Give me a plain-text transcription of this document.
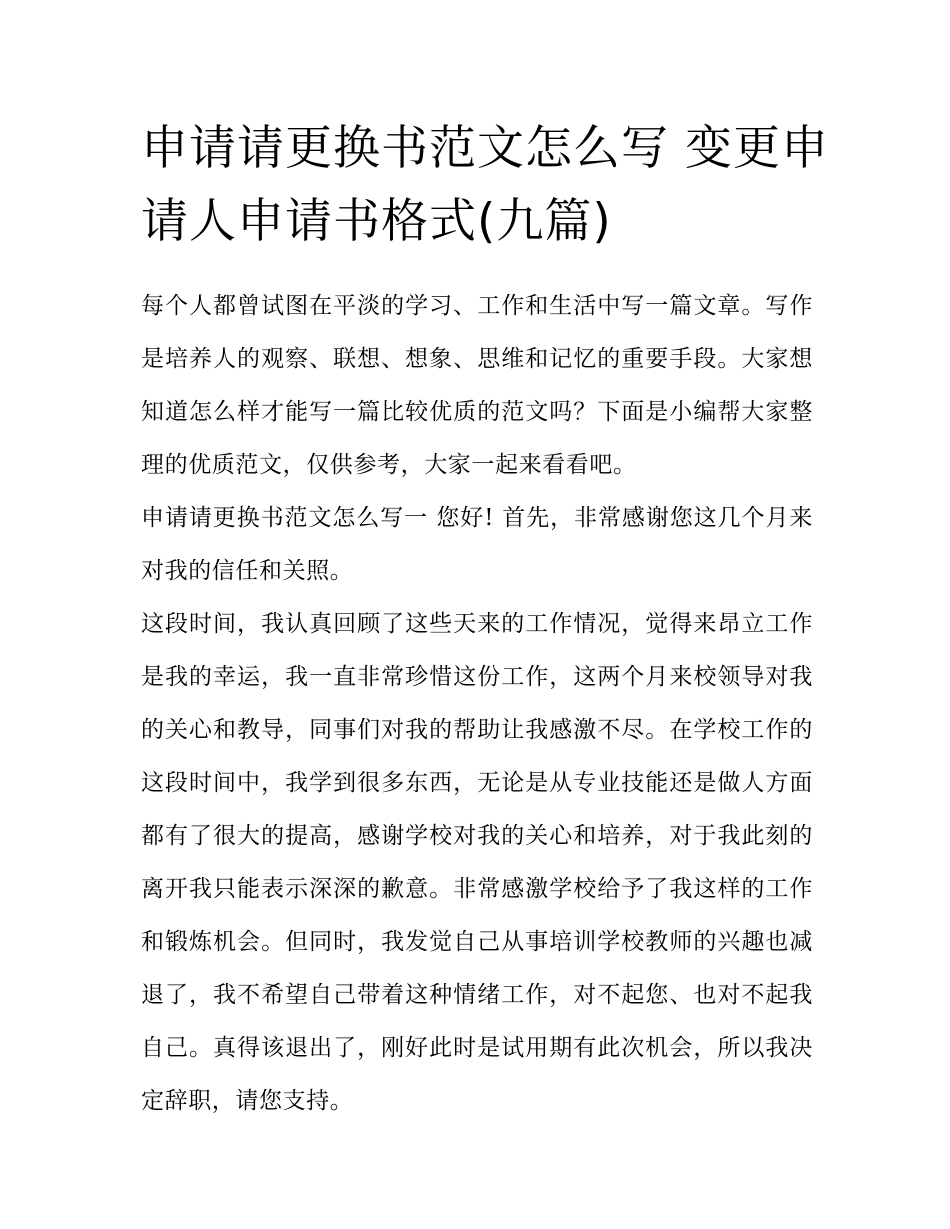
申请请更换书范文怎么写 变更申请人申请书格式(九篇)

每个人都曾试图在平淡的学习、工作和生活中写一篇文章。写作是培养人的观察、联想、想象、思维和记忆的重要手段。大家想知道怎么样才能写一篇比较优质的范文吗？下面是小编帮大家整理的优质范文，仅供参考，大家一起来看看吧。

申请请更换书范文怎么写一 您好! 首先，非常感谢您这几个月来对我的信任和关照。

这段时间，我认真回顾了这些天来的工作情况，觉得来昂立工作是我的幸运，我一直非常珍惜这份工作，这两个月来校领导对我的关心和教导，同事们对我的帮助让我感激不尽。在学校工作的这段时间中，我学到很多东西，无论是从专业技能还是做人方面都有了很大的提高，感谢学校对我的关心和培养，对于我此刻的离开我只能表示深深的歉意。非常感激学校给予了我这样的工作和锻炼机会。但同时，我发觉自己从事培训学校教师的兴趣也减退了，我不希望自己带着这种情绪工作，对不起您、也对不起我自己。真得该退出了，刚好此时是试用期有此次机会，所以我决定辞职，请您支持。
